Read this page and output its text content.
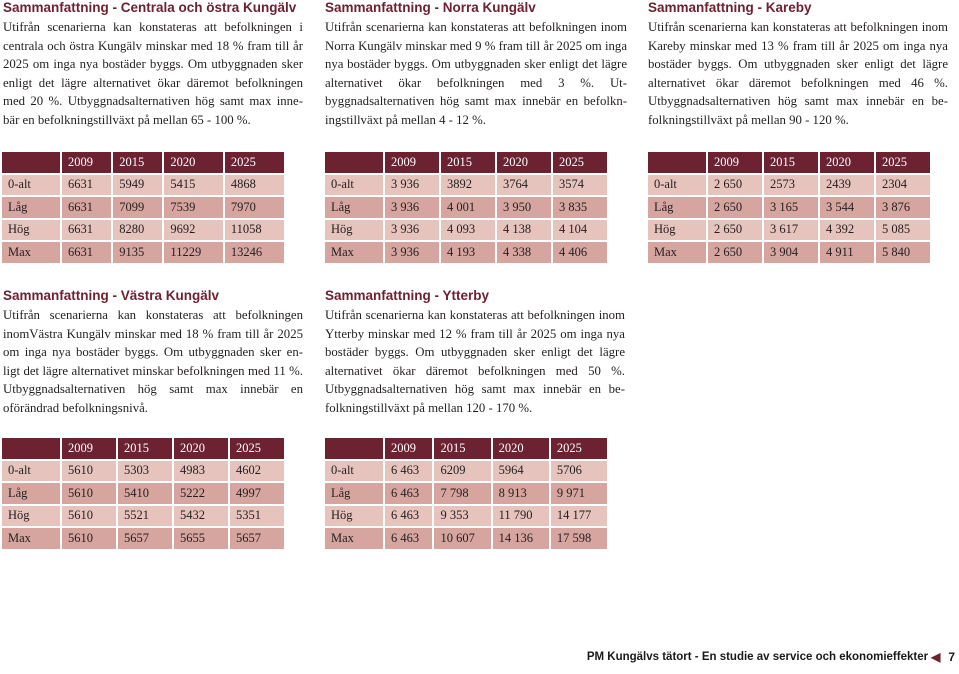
Sammanfattning - Centrala och östra Kungälv

Utifrån scenarierna kan konstateras att befolkningen i centrala och östra Kungälv minskar med 18 % fram till år 2025 om inga nya bostäder byggs. Om utbyggnaden sker enligt det lägre alternativet ökar däremot befolkningen med 20 %. Utbyggnadsalternativen hög samt max inne- bär en befolkningstillväxt på mellan 65 - 100 %.

Sammanfattning - Norra Kungälv

Utifrån scenarierna kan konstateras att befolkningen inom Norra Kungälv minskar med 9 % fram till år 2025 om inga nya bostäder byggs. Om utbyggnaden sker enligt det lägre alternativet ökar befolkningen med 3 %. Ut- byggnadsalternativen hög samt max innebär en befolkn- ingstillväxt på mellan 4 - 12 %.

Sammanfattning - Kareby

Utifrån scenarierna kan konstateras att befolkningen inom Kareby minskar med 13 % fram till år 2025 om inga nya bostäder byggs. Om utbyggnaden sker enligt det lägre alternativet ökar däremot befolkningen med 46 %. Utbyggnadsalternativen hög samt max innebär en be- folkningstillväxt på mellan 90 - 120 %.

Sammanfattning - Västra Kungälv

Utifrån scenarierna kan konstateras att befolkningen inomVästra Kungälv minskar med 18 % fram till år 2025 om inga nya bostäder byggs. Om utbyggnaden sker en- ligt det lägre alternativet minskar befolkningen med 11 %. Utbyggnadsalternativen hög samt max innebär en oförändrad befolkningsnivå.

Sammanfattning - Ytterby

Utifrån scenarierna kan konstateras att befolkningen inom Ytterby minskar med 12 % fram till år 2025 om inga nya bostäder byggs. Om utbyggnaden sker enligt det lägre alternativet ökar däremot befolkningen med 50 %. Utbyggnadsalternativen hög samt max innebär en be- folkningstillväxt på mellan 120 - 170 %.

	2009	2015	2020	2025
0-alt	6631	5949	5415	4868
Låg	6631	7099	7539	7970
Hög	6631	8280	9692	11058
Max	6631	9135	11229	13246
	2009	2015	2020	2025
0-alt	3 936	3892	3764	3574
Låg	3 936	4 001	3 950	3 835
Hög	3 936	4 093	4 138	4 104
Max	3 936	4 193	4 338	4 406
	2009	2015	2020	2025
0-alt	2 650	2573	2439	2304
Låg	2 650	3 165	3 544	3 876
Hög	2 650	3 617	4 392	5 085
Max	2 650	3 904	4 911	5 840
	2009	2015	2020	2025
0-alt	5610	5303	4983	4602
Låg	5610	5410	5222	4997
Hög	5610	5521	5432	5351
Max	5610	5657	5655	5657
	2009	2015	2020	2025
0-alt	6 463	6209	5964	5706
Låg	6 463	7 798	8 913	9 971
Hög	6 463	9 353	11 790	14 177
Max	6 463	10 607	14 136	17 598
PM Kungälvs tätort - En studie av service och ekonomieffekter ◀ 7
